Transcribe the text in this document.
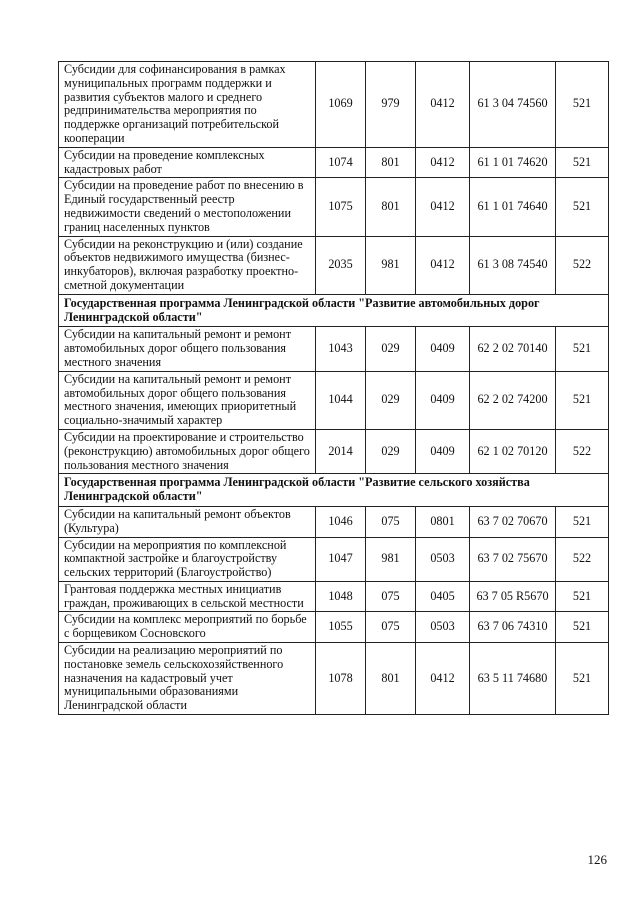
Субсидии для софинансирования в рамках муниципальных программ поддержки и развития субъектов малого и среднего редпринимательства мероприятия по поддержке организаций потребительской кооперации	1069	979	0412	61 3 04 74560	521
Субсидии на проведение комплексных кадастровых работ	1074	801	0412	61 1 01 74620	521
Субсидии на проведение работ по внесению в Единый государственный реестр недвижимости сведений о местоположении границ населенных пунктов	1075	801	0412	61 1 01 74640	521
Субсидии на реконструкцию и (или) создание объектов недвижимого имущества (бизнес-инкубаторов), включая разработку проектно-сметной документации	2035	981	0412	61 3 08 74540	522
Государственная программа Ленинградской области "Развитие автомобильных дорог Ленинградской области"					
Субсидии на капитальный ремонт и ремонт автомобильных дорог общего пользования местного значения	1043	029	0409	62 2 02 70140	521
Субсидии на капитальный ремонт и ремонт автомобильных дорог общего пользования местного значения, имеющих приоритетный социально-значимый характер	1044	029	0409	62 2 02 74200	521
Субсидии на проектирование и строительство (реконструкцию) автомобильных дорог общего пользования местного значения	2014	029	0409	62 1 02 70120	522
Государственная программа Ленинградской области "Развитие сельского хозяйства Ленинградской области"					
Субсидии на капитальный ремонт объектов (Культура)	1046	075	0801	63 7 02 70670	521
Субсидии на мероприятия по комплексной компактной застройке и благоустройству сельских территорий (Благоустройство)	1047	981	0503	63 7 02 75670	522
Грантовая поддержка местных инициатив граждан, проживающих в сельской местности	1048	075	0405	63 7 05 R5670	521
Субсидии на комплекс мероприятий по борьбе с борщевиком Сосновского	1055	075	0503	63 7 06 74310	521
Субсидии на реализацию мероприятий по постановке земель сельскохозяйственного назначения на кадастровый учет муниципальными образованиями Ленинградской области	1078	801	0412	63 5 11 74680	521
126
